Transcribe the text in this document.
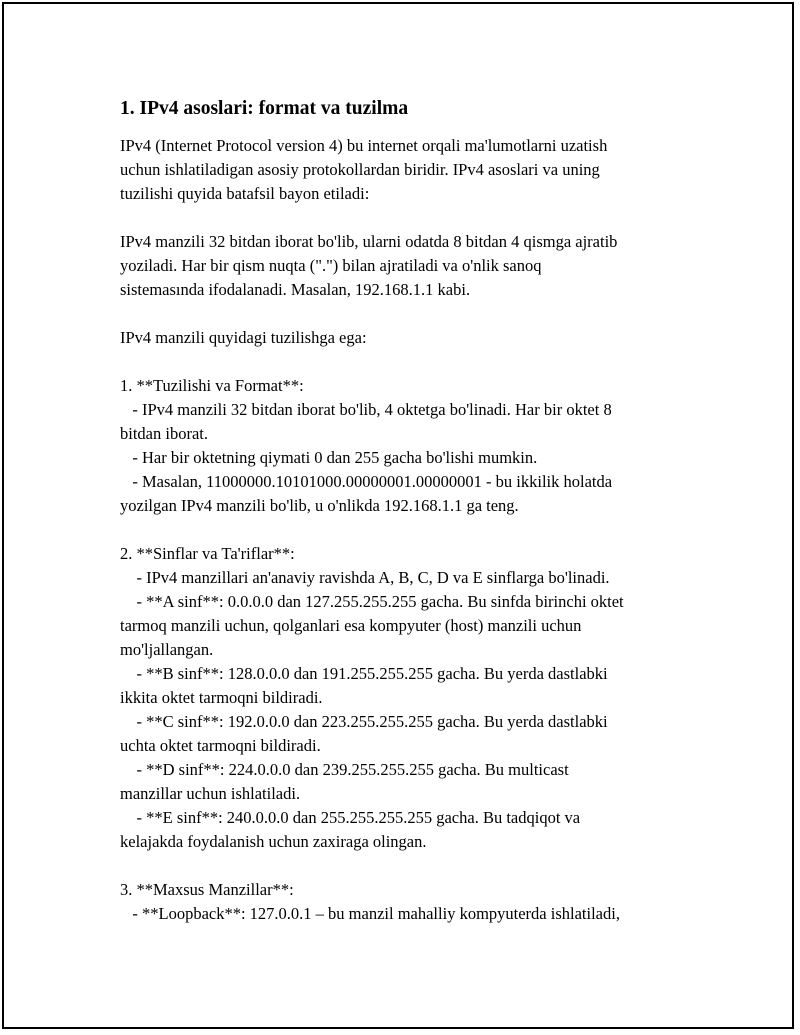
1. IPv4 asoslari: format va tuzilma

IPv4 (Internet Protocol version 4) bu internet orqali ma'lumotlarni uzatish
uchun ishlatiladigan asosiy protokollardan biridir. IPv4 asoslari va uning
tuzilishi quyida batafsil bayon etiladi:

IPv4 manzili 32 bitdan iborat bo'lib, ularni odatda 8 bitdan 4 qismga ajratib
yoziladi. Har bir qism nuqta (".") bilan ajratiladi va o'nlik sanoq
sistemasında ifodalanadi. Masalan, 192.168.1.1 kabi.

IPv4 manzili quyidagi tuzilishga ega:

1. **Tuzilishi va Format**:
- IPv4 manzili 32 bitdan iborat bo'lib, 4 oktetga bo'linadi. Har bir oktet 8
bitdan iborat.
- Har bir oktetning qiymati 0 dan 255 gacha bo'lishi mumkin.
- Masalan, 11000000.10101000.00000001.00000001 - bu ikkilik holatda
yozilgan IPv4 manzili bo'lib, u o'nlikda 192.168.1.1 ga teng.

2. **Sinflar va Ta'riflar**:
- IPv4 manzillari an'anaviy ravishda A, B, C, D va E sinflarga bo'linadi.
- **A sinf**: 0.0.0.0 dan 127.255.255.255 gacha. Bu sinfda birinchi oktet
tarmoq manzili uchun, qolganlari esa kompyuter (host) manzili uchun
mo'ljallangan.
- **B sinf**: 128.0.0.0 dan 191.255.255.255 gacha. Bu yerda dastlabki
ikkita oktet tarmoqni bildiradi.
- **C sinf**: 192.0.0.0 dan 223.255.255.255 gacha. Bu yerda dastlabki
uchta oktet tarmoqni bildiradi.
- **D sinf**: 224.0.0.0 dan 239.255.255.255 gacha. Bu multicast
manzillar uchun ishlatiladi.
- **E sinf**: 240.0.0.0 dan 255.255.255.255 gacha. Bu tadqiqot va
kelajakda foydalanish uchun zaxiraga olingan.

3. **Maxsus Manzillar**:
- **Loopback**: 127.0.0.1 – bu manzil mahalliy kompyuterda ishlatiladi,
